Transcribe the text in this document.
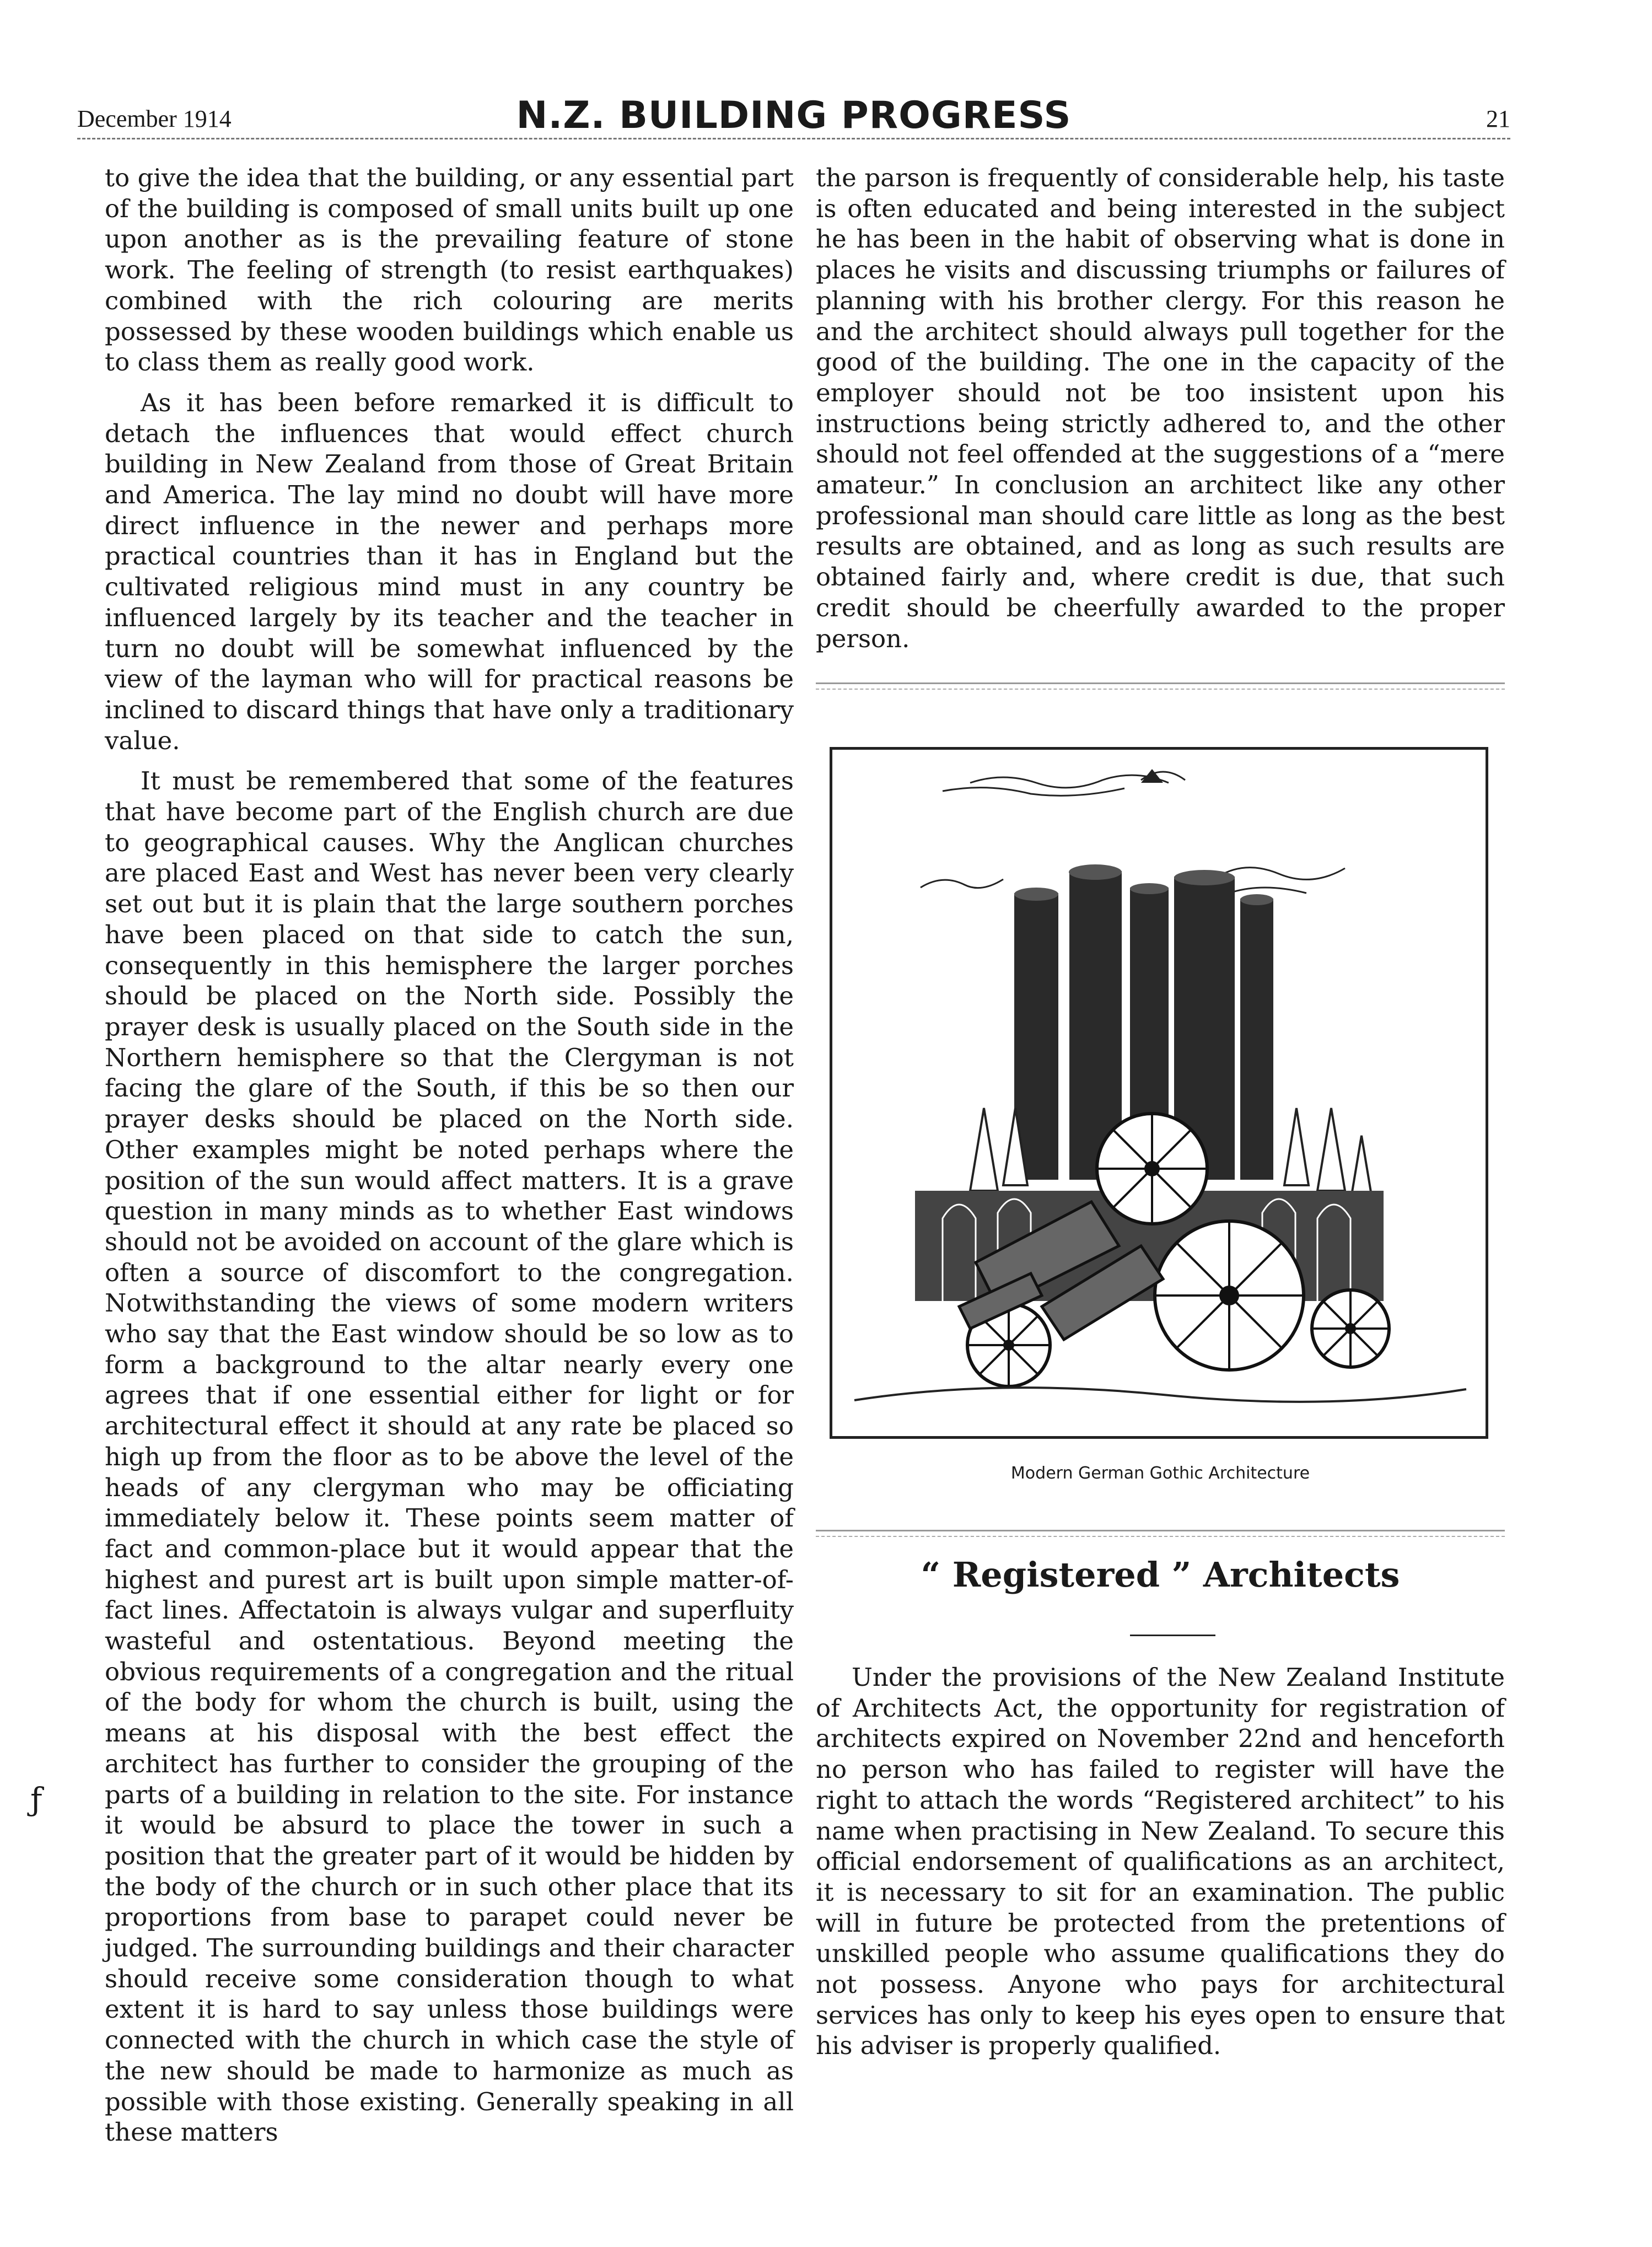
December 1914	N.Z. BUILDING PROGRESS	21

to give the idea that the building, or any essential part of the building is composed of small units built up one upon another as is the prevailing feature of stone work. The feeling of strength (to resist earthquakes) combined with the rich colouring are merits possessed by these wooden buildings which enable us to class them as really good work.

As it has been before remarked it is difficult to detach the influences that would effect church building in New Zealand from those of Great Britain and America. The lay mind no doubt will have more direct influence in the newer and perhaps more practical countries than it has in England but the cultivated religious mind must in any country be influenced largely by its teacher and the teacher in turn no doubt will be somewhat influenced by the view of the layman who will for practical reasons be inclined to discard things that have only a traditionary value.

It must be remembered that some of the features that have become part of the English church are due to geographical causes. Why the Anglican churches are placed East and West has never been very clearly set out but it is plain that the large southern porches have been placed on that side to catch the sun, consequently in this hemisphere the larger porches should be placed on the North side. Possibly the prayer desk is usually placed on the South side in the Northern hemisphere so that the Clergyman is not facing the glare of the South, if this be so then our prayer desks should be placed on the North side. Other examples might be noted perhaps where the position of the sun would affect matters. It is a grave question in many minds as to whether East windows should not be avoided on account of the glare which is often a source of discomfort to the congregation. Notwithstanding the views of some modern writers who say that the East window should be so low as to form a background to the altar nearly every one agrees that if one essential either for light or for architectural effect it should at any rate be placed so high up from the floor as to be above the level of the heads of any clergyman who may be officiating immediately below it. These points seem matter of fact and common-place but it would appear that the highest and purest art is built upon simple matter-of-fact lines. Affectatoin is always vulgar and superfluity wasteful and ostentatious. Beyond meeting the obvious requirements of a congregation and the ritual of the body for whom the church is built, using the means at his disposal with the best effect the architect has further to consider the grouping of the parts of a building in relation to the site. For instance it would be absurd to place the tower in such a position that the greater part of it would be hidden by the body of the church or in such other place that its proportions from base to parapet could never be judged. The surrounding buildings and their character should receive some consideration though to what extent it is hard to say unless those buildings were connected with the church in which case the style of the new should be made to harmonize as much as possible with those existing. Generally speaking in all these matters

the parson is frequently of considerable help, his taste is often educated and being interested in the subject he has been in the habit of observing what is done in places he visits and discussing triumphs or failures of planning with his brother clergy. For this reason he and the architect should always pull together for the good of the building. The one in the capacity of the employer should not be too insistent upon his instructions being strictly adhered to, and the other should not feel offended at the suggestions of a “mere amateur.” In conclusion an architect like any other professional man should care little as long as the best results are obtained, and as long as such results are obtained fairly and, where credit is due, that such credit should be cheerfully awarded to the proper person.

Modern German Gothic Architecture
“ Registered ” Architects

Under the provisions of the New Zealand Institute of Architects Act, the opportunity for registration of architects expired on November 22nd and henceforth no person who has failed to register will have the right to attach the words “Registered architect” to his name when practising in New Zealand. To secure this official endorsement of qualifications as an architect, it is necessary to sit for an examination. The public will in future be protected from the pretentions of unskilled people who assume qualifications they do not possess. Anyone who pays for architectural services has only to keep his eyes open to ensure that his adviser is properly qualified.

ƒ
